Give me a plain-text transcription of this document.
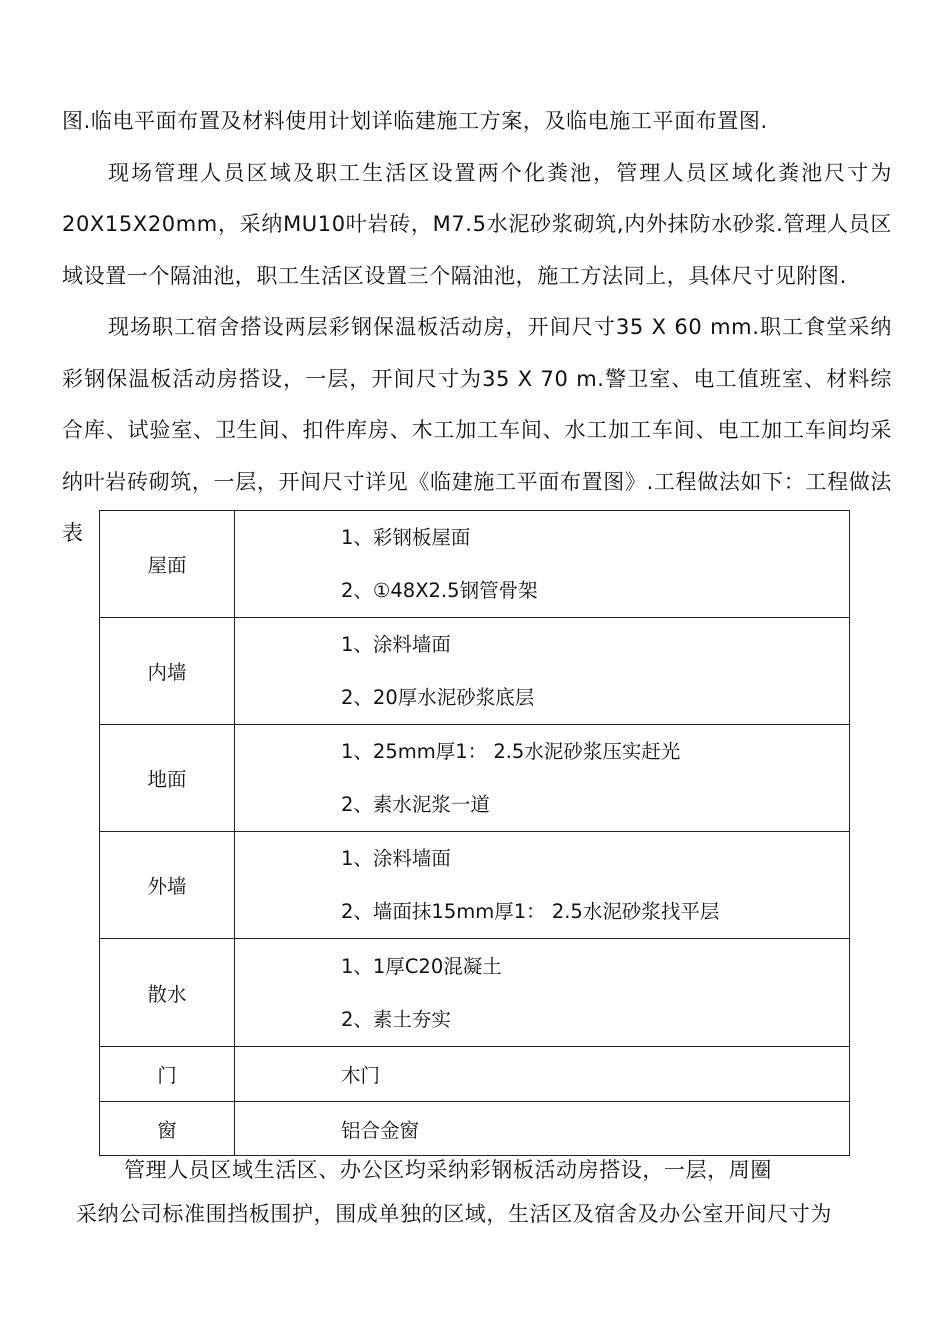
图.临电平面布置及材料使用计划详临建施工方案，及临电施工平面布置图.

现场管理人员区域及职工生活区设置两个化粪池，管理人员区域化粪池尺寸为20X15X20mm，采纳MU10叶岩砖，M7.5水泥砂浆砌筑,内外抹防水砂浆.管理人员区域设置一个隔油池，职工生活区设置三个隔油池，施工方法同上，具体尺寸见附图.

现场职工宿舍搭设两层彩钢保温板活动房，开间尺寸35 X 60 mm.职工食堂采纳彩钢保温板活动房搭设，一层，开间尺寸为35 X 70 m.警卫室、电工值班室、材料综合库、试验室、卫生间、扣件库房、木工加工车间、水工加工车间、电工加工车间均采纳叶岩砖砌筑，一层，开间尺寸详见《临建施工平面布置图》.工程做法如下：工程做法表

屋面	1、彩钢板屋面
2、①48X2.5钢管骨架

内墙	1、涂料墙面
2、20厚水泥砂浆底层

地面	1、25mm厚1： 2.5水泥砂浆压实赶光
2、素水泥浆一道

外墙	1、涂料墙面
2、墙面抹15mm厚1： 2.5水泥砂浆找平层

散水	1、1厚C20混凝土
2、素土夯实

门	木门
窗	铝合金窗
管理人员区域生活区、办公区均采纳彩钢板活动房搭设，一层，周圈
采纳公司标准围挡板围护，围成单独的区域，生活区及宿舍及办公室开间尺寸为
